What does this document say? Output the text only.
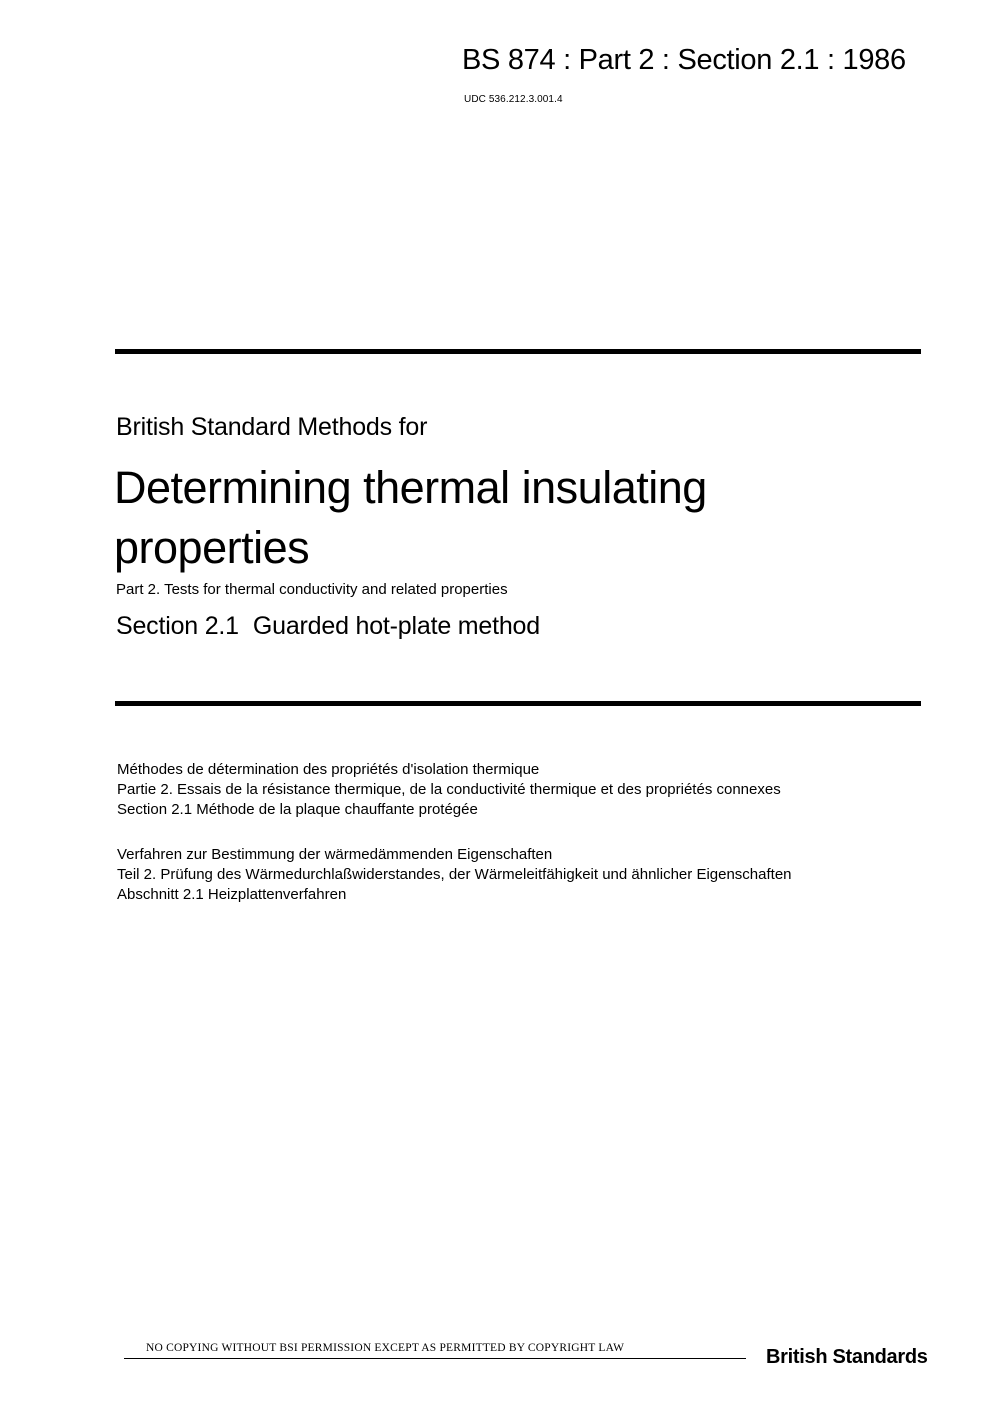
BS 874 : Part 2 : Section 2.1 : 1986
UDC 536.212.3.001.4
British Standard Methods for
Determining thermal insulating
properties
Part 2. Tests for thermal conductivity and related properties
Section 2.1 Guarded hot-plate method
Méthodes de détermination des propriétés d'isolation thermique
Partie 2. Essais de la résistance thermique, de la conductivité thermique et des propriétés connexes
Section 2.1 Méthode de la plaque chauffante protégée
Verfahren zur Bestimmung der wärmedämmenden Eigenschaften
Teil 2. Prüfung des Wärmedurchlaßwiderstandes, der Wärmeleitfähigkeit und ähnlicher Eigenschaften
Abschnitt 2.1 Heizplattenverfahren
NO COPYING WITHOUT BSI PERMISSION EXCEPT AS PERMITTED BY COPYRIGHT LAW	British Standards
